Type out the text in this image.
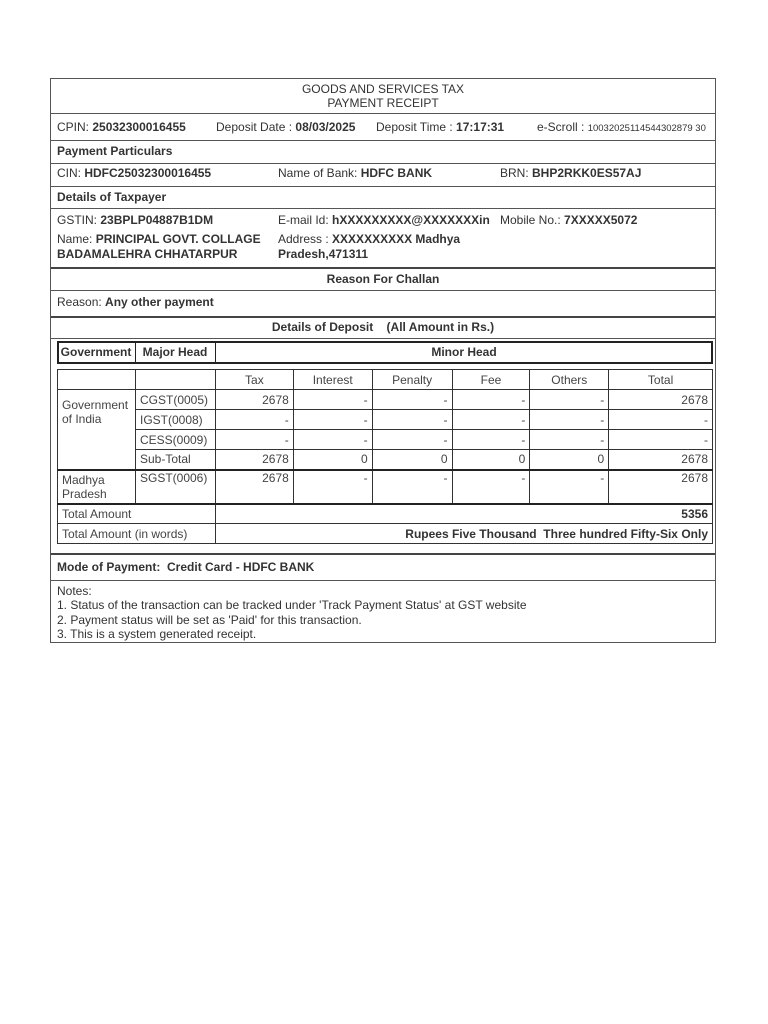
GOODS AND SERVICES TAX
PAYMENT RECEIPT
CPIN: 25032300016455	Deposit Date : 08/03/2025 Deposit Time : 17:17:31	e-Scroll : 10032025114544302879 30
Payment Particulars
CIN: HDFC25032300016455	Name of Bank: HDFC BANK	BRN: BHP2RKK0ES57AJ
Details of Taxpayer
GSTIN: 23BPLP04887B1DM	E-mail Id: hXXXXXXXXX@XXXXXXXin Mobile No.: 7XXXXX5072
Name: PRINCIPAL GOVT. COLLAGE
BADAMALEHRA CHHATARPUR
Address : XXXXXXXXXX Madhya
Pradesh,471311
Reason For Challan
Reason: Any other payment
Details of Deposit    (All Amount in Rs.)
Government Major Head	Minor Head
		Tax	Interest	Penalty	Fee	Others	Total
Government
of India	CGST(0005)	2678	-	-	-	-	2678
	IGST(0008)	-	-	-	-	-	-
	CESS(0009)	-	-	-	-	-	-
	Sub-Total	2678	0	0	0	0	2678
Madhya
Pradesh	SGST(0006)	2678	-	-	-	-	2678
Total Amount		5356					
Total Amount (in words)		Rupees Five Thousand  Three hundred Fifty-Six Only					
Mode of Payment: Credit Card - HDFC BANK
Notes:
1. Status of the transaction can be tracked under 'Track Payment Status' at GST website
2. Payment status will be set as 'Paid' for this transaction.
3. This is a system generated receipt.
